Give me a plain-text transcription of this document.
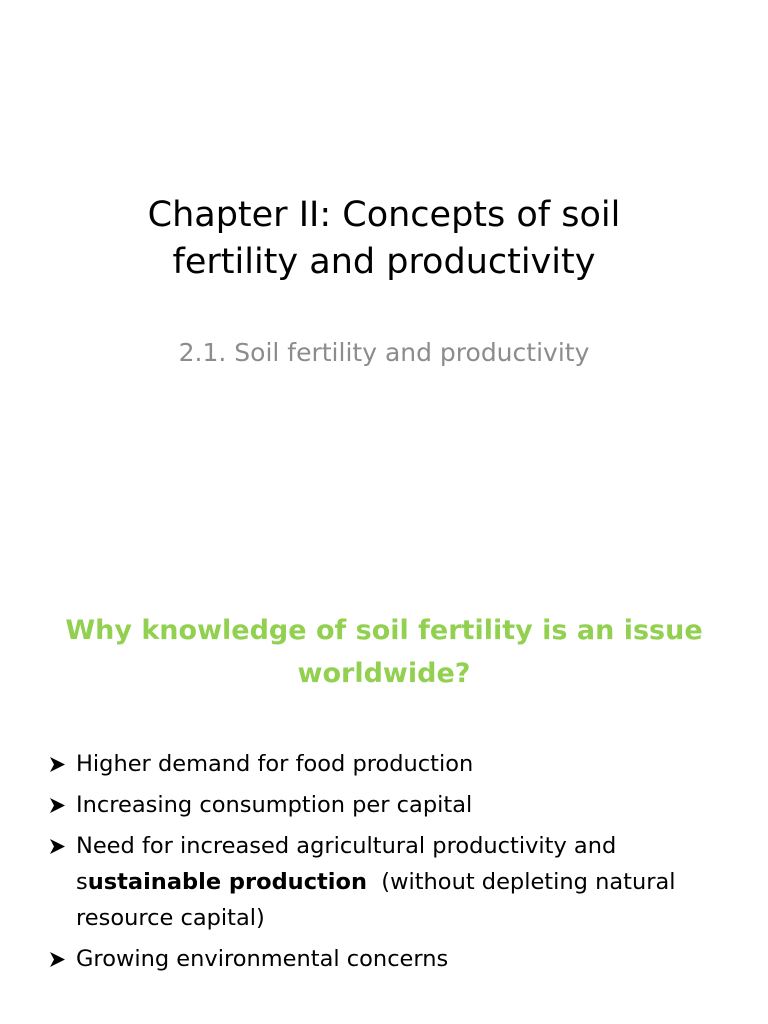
Chapter II: Concepts of soil
fertility and productivity

2.1. Soil fertility and productivity

Why knowledge of soil fertility is an issue
worldwide?
Higher demand for food production
Increasing consumption per capital
Need for increased agricultural productivity and sustainable production  (without depleting natural resource capital)
Growing environmental concerns
